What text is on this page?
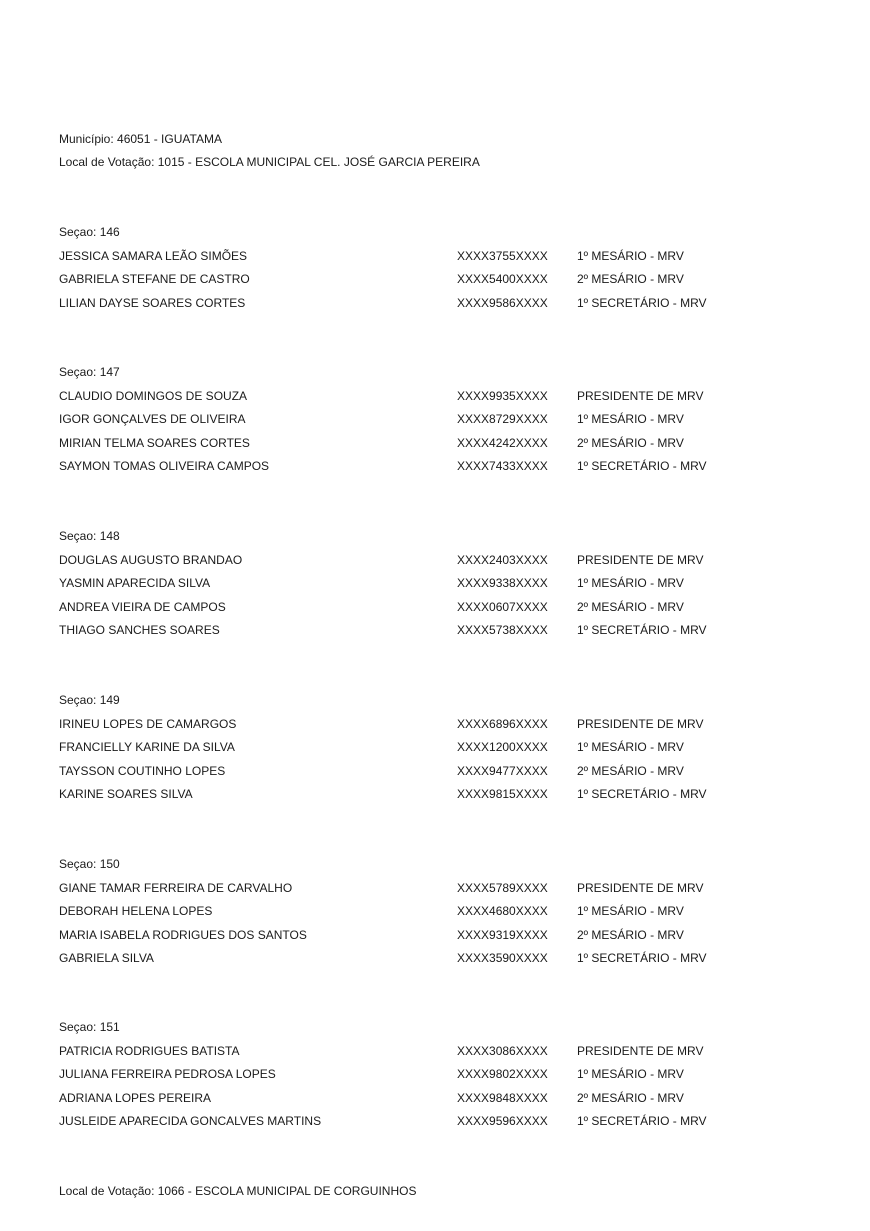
Município: 46051 - IGUATAMA
Local de Votação: 1015 - ESCOLA MUNICIPAL CEL. JOSÉ GARCIA PEREIRA
Seçao: 146
JESSICA SAMARA LEÃO SIMÕES	XXXX3755XXXX 1º MESÁRIO - MRV
GABRIELA STEFANE DE CASTRO	XXXX5400XXXX 2º MESÁRIO - MRV
LILIAN DAYSE SOARES CORTES	XXXX9586XXXX 1º SECRETÁRIO - MRV
Seçao: 147
CLAUDIO DOMINGOS DE SOUZA	XXXX9935XXXX PRESIDENTE DE MRV
IGOR GONÇALVES DE OLIVEIRA	XXXX8729XXXX 1º MESÁRIO - MRV
MIRIAN TELMA SOARES CORTES	XXXX4242XXXX 2º MESÁRIO - MRV
SAYMON TOMAS OLIVEIRA CAMPOS	XXXX7433XXXX 1º SECRETÁRIO - MRV
Seçao: 148
DOUGLAS AUGUSTO BRANDAO	XXXX2403XXXX PRESIDENTE DE MRV
YASMIN APARECIDA SILVA	XXXX9338XXXX 1º MESÁRIO - MRV
ANDREA VIEIRA DE CAMPOS	XXXX0607XXXX 2º MESÁRIO - MRV
THIAGO SANCHES SOARES	XXXX5738XXXX 1º SECRETÁRIO - MRV
Seçao: 149
IRINEU LOPES DE CAMARGOS	XXXX6896XXXX PRESIDENTE DE MRV
FRANCIELLY KARINE DA SILVA	XXXX1200XXXX 1º MESÁRIO - MRV
TAYSSON COUTINHO LOPES	XXXX9477XXXX 2º MESÁRIO - MRV
KARINE SOARES SILVA	XXXX9815XXXX 1º SECRETÁRIO - MRV
Seçao: 150
GIANE TAMAR FERREIRA DE CARVALHO	XXXX5789XXXX PRESIDENTE DE MRV
DEBORAH HELENA LOPES	XXXX4680XXXX 1º MESÁRIO - MRV
MARIA ISABELA RODRIGUES DOS SANTOS	XXXX9319XXXX 2º MESÁRIO - MRV
GABRIELA SILVA	XXXX3590XXXX 1º SECRETÁRIO - MRV
Seçao: 151
PATRICIA RODRIGUES BATISTA	XXXX3086XXXX PRESIDENTE DE MRV
JULIANA FERREIRA PEDROSA LOPES	XXXX9802XXXX 1º MESÁRIO - MRV
ADRIANA LOPES PEREIRA	XXXX9848XXXX 2º MESÁRIO - MRV
JUSLEIDE APARECIDA GONCALVES MARTINS	XXXX9596XXXX 1º SECRETÁRIO - MRV
Local de Votação: 1066 - ESCOLA MUNICIPAL DE CORGUINHOS
